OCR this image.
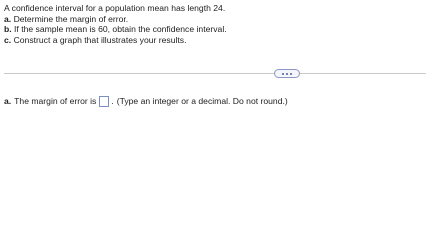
A confidence interval for a population mean has length 24.
a. Determine the margin of error.
b. If the sample mean is 60, obtain the confidence interval.
c. Construct a graph that illustrates your results.
a. The margin of error is . (Type an integer or a decimal. Do not round.)
